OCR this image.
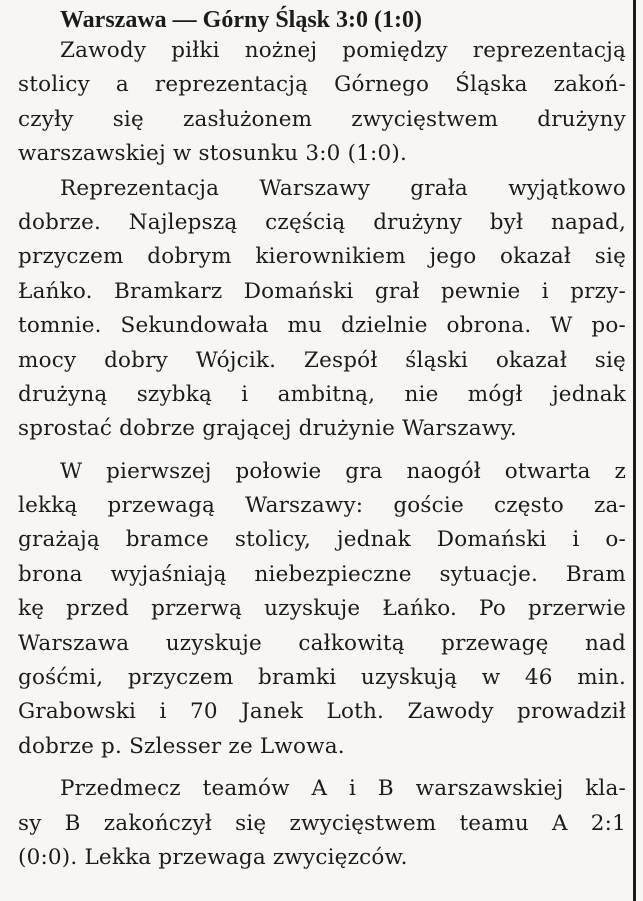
Warszawa — Górny Śląsk 3:0 (1:0)
Zawody piłki nożnej pomiędzy reprezentacją
stolicy a reprezentacją Górnego Śląska zakoń-
czyły się zasłużonem zwycięstwem drużyny
warszawskiej w stosunku 3:0 (1:0).
Reprezentacja Warszawy grała wyjątkowo
dobrze. Najlepszą częścią drużyny był napad,
przyczem dobrym kierownikiem jego okazał się
Łańko. Bramkarz Domański grał pewnie i przy-
tomnie. Sekundowała mu dzielnie obrona. W po-
mocy dobry Wójcik. Zespół śląski okazał się
drużyną szybką i ambitną, nie mógł jednak
sprostać dobrze grającej drużynie Warszawy.
W pierwszej połowie gra naogół otwarta z
lekką przewagą Warszawy: goście często za-
grażają bramce stolicy, jednak Domański i o-
brona wyjaśniają niebezpieczne sytuacje. Bram
kę przed przerwą uzyskuje Łańko. Po przerwie
Warszawa uzyskuje całkowitą przewagę nad
gośćmi, przyczem bramki uzyskują w 46 min.
Grabowski i 70 Janek Loth. Zawody prowadził
dobrze p. Szlesser ze Lwowa.
Przedmecz teamów A i B warszawskiej kla-
sy B zakończył się zwycięstwem teamu A 2:1
(0:0). Lekka przewaga zwycięzców.
